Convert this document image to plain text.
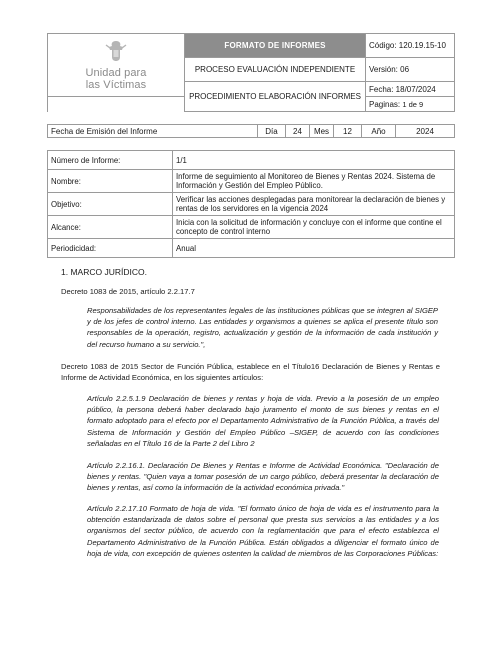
Unidad para
las Víctimas	FORMATO DE INFORMES	Código: 120.19.15-10
	PROCESO EVALUACIÓN INDEPENDIENTE	Versión: 06
	PROCEDIMIENTO ELABORACIÓN INFORMES	Fecha: 18/07/2024
		Paginas: 1 de 9
Fecha de Emisión del Informe	Día	24	Mes	12	Año	2024
Número de Informe:	1/1
Nombre:	Informe de seguimiento al Monitoreo de Bienes y Rentas 2024. Sistema de Información y Gestión del Empleo Público.
Objetivo:	Verificar las acciones desplegadas para monitorear la declaración de bienes y rentas de los servidores en la vigencia 2024
Alcance:	Inicia con la solicitud de información y concluye con el informe que contine el concepto de control interno
Periodicidad:	Anual
1. MARCO JURÍDICO.
Decreto 1083 de 2015, artículo 2.2.17.7
Responsabilidades de los representantes legales de las instituciones públicas que se integren al SIGEP y de los jefes de control interno. Las entidades y organismos a quienes se aplica el presente título son responsables de la operación, registro, actualización y gestión de la información de cada institución y del recurso humano a su servicio.",
Decreto 1083 de 2015 Sector de Función Pública, establece en el Título16 Declaración de Bienes y Rentas e Informe de Actividad Económica, en los siguientes artículos:
Artículo 2.2.5.1.9 Declaración de bienes y rentas y hoja de vida. Previo a la posesión de un empleo público, la persona deberá haber declarado bajo juramento el monto de sus bienes y rentas en el formato adoptado para el efecto por el Departamento Administrativo de la Función Pública, a través del Sistema de Información y Gestión del Empleo Público –SIGEP, de acuerdo con las condiciones señaladas en el Título 16 de la Parte 2 del Libro 2
Artículo 2.2.16.1. Declaración De Bienes y Rentas e Informe de Actividad Económica. "Declaración de bienes y rentas. "Quien vaya a tomar posesión de un cargo público, deberá presentar la declaración de bienes y rentas, así como la información de la actividad económica privada."
Artículo 2.2.17.10 Formato de hoja de vida. "El formato único de hoja de vida es el instrumento para la obtención estandarizada de datos sobre el personal que presta sus servicios a las entidades y a los organismos del sector público, de acuerdo con la reglamentación que para el efecto establezca el Departamento Administrativo de la Función Pública. Están obligados a diligenciar el formato único de hoja de vida, con excepción de quienes ostenten la calidad de miembros de las Corporaciones Públicas:
